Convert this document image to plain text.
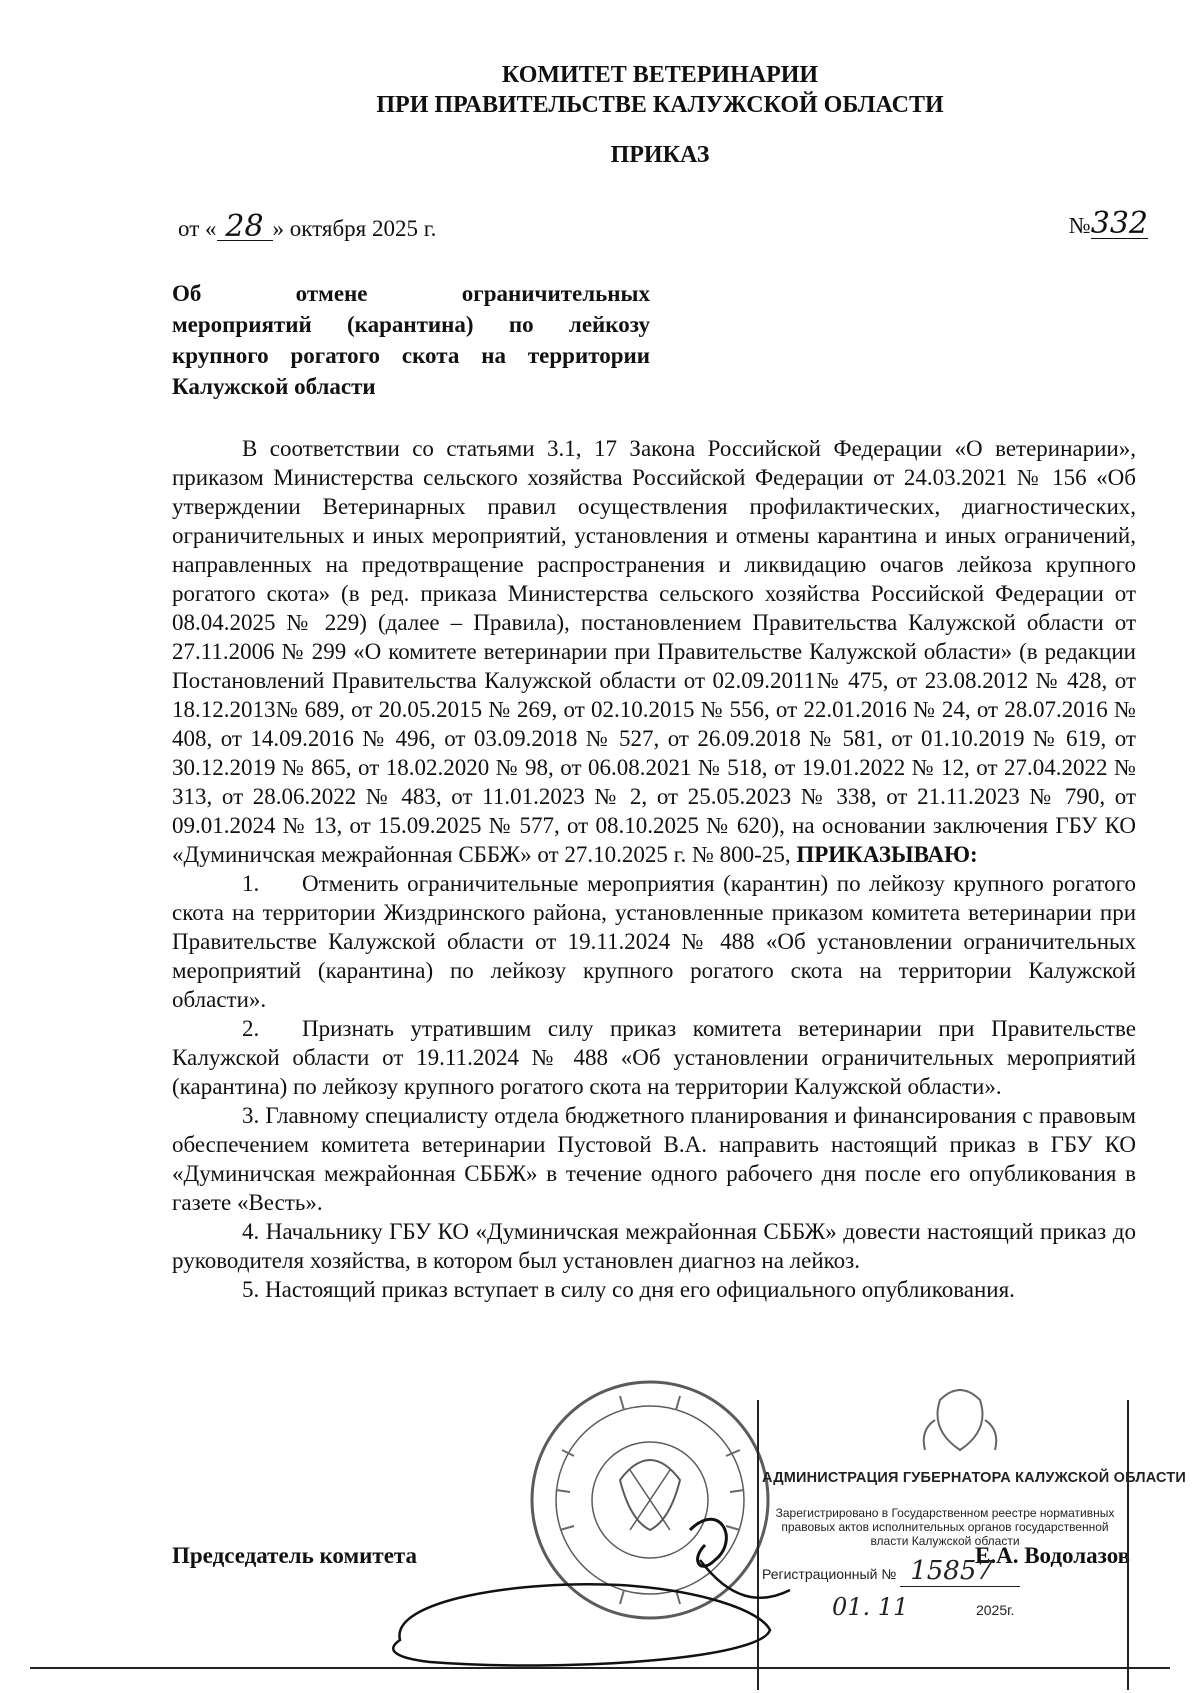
КОМИТЕТ ВЕТЕРИНАРИИ
ПРИ ПРАВИТЕЛЬСТВЕ КАЛУЖСКОЙ ОБЛАСТИ
ПРИКАЗ
от « 28 » октября 2025 г.	№332
Об отмене ограничительных
мероприятий (карантина) по лейкозу крупного рогатого скота на территории Калужской области

В соответствии со статьями 3.1, 17 Закона Российской Федерации «О ветеринарии», приказом Министерства сельского хозяйства Российской Федерации от 24.03.2021 № 156 «Об утверждении Ветеринарных правил осуществления профилактических, диагностических, ограничительных и иных мероприятий, установления и отмены карантина и иных ограничений, направленных на предотвращение распространения и ликвидацию очагов лейкоза крупного рогатого скота» (в ред. приказа Министерства сельского хозяйства Российской Федерации от 08.04.2025 № 229) (далее – Правила), постановлением Правительства Калужской области от 27.11.2006 № 299 «О комитете ветеринарии при Правительстве Калужской области» (в редакции Постановлений Правительства Калужской области от 02.09.2011№ 475, от 23.08.2012 № 428, от 18.12.2013№ 689, от 20.05.2015 № 269, от 02.10.2015 № 556, от 22.01.2016 № 24, от 28.07.2016 № 408, от 14.09.2016 № 496, от 03.09.2018 № 527, от 26.09.2018 № 581, от 01.10.2019 № 619, от 30.12.2019 № 865, от 18.02.2020 № 98, от 06.08.2021 № 518, от 19.01.2022 № 12, от 27.04.2022 № 313, от 28.06.2022 № 483, от 11.01.2023 № 2, от 25.05.2023 № 338, от 21.11.2023 № 790, от 09.01.2024 № 13, от 15.09.2025 № 577, от 08.10.2025 № 620), на основании заключения ГБУ КО «Думиничская межрайонная СББЖ» от 27.10.2025 г. № 800-25, ПРИКАЗЫВАЮ:

1. Отменить ограничительные мероприятия (карантин) по лейкозу крупного рогатого скота на территории Жиздринского района, установленные приказом комитета ветеринарии при Правительстве Калужской области от 19.11.2024 № 488 «Об установлении ограничительных мероприятий (карантина) по лейкозу крупного рогатого скота на территории Калужской области».

2. Признать утратившим силу приказ комитета ветеринарии при Правительстве Калужской области от 19.11.2024 № 488 «Об установлении ограничительных мероприятий (карантина) по лейкозу крупного рогатого скота на территории Калужской области».

3. Главному специалисту отдела бюджетного планирования и финансирования с правовым обеспечением комитета ветеринарии Пустовой В.А. направить настоящий приказ в ГБУ КО «Думиничская межрайонная СББЖ» в течение одного рабочего дня после его опубликования в газете «Весть».

4. Начальнику ГБУ КО «Думиничская межрайонная СББЖ» довести настоящий приказ до руководителя хозяйства, в котором был установлен диагноз на лейкоз.

5. Настоящий приказ вступает в силу со дня его официального опубликования.

Председатель комитета	Е.А. Водолазов
АДМИНИСТРАЦИЯ ГУБЕРНАТОРА КАЛУЖСКОЙ ОБЛАСТИ
Зарегистрировано в Государственном реестре нормативных правовых актов исполнительных органов государственной власти Калужской области
Регистрационный № 15857
01. 11	2025г.
